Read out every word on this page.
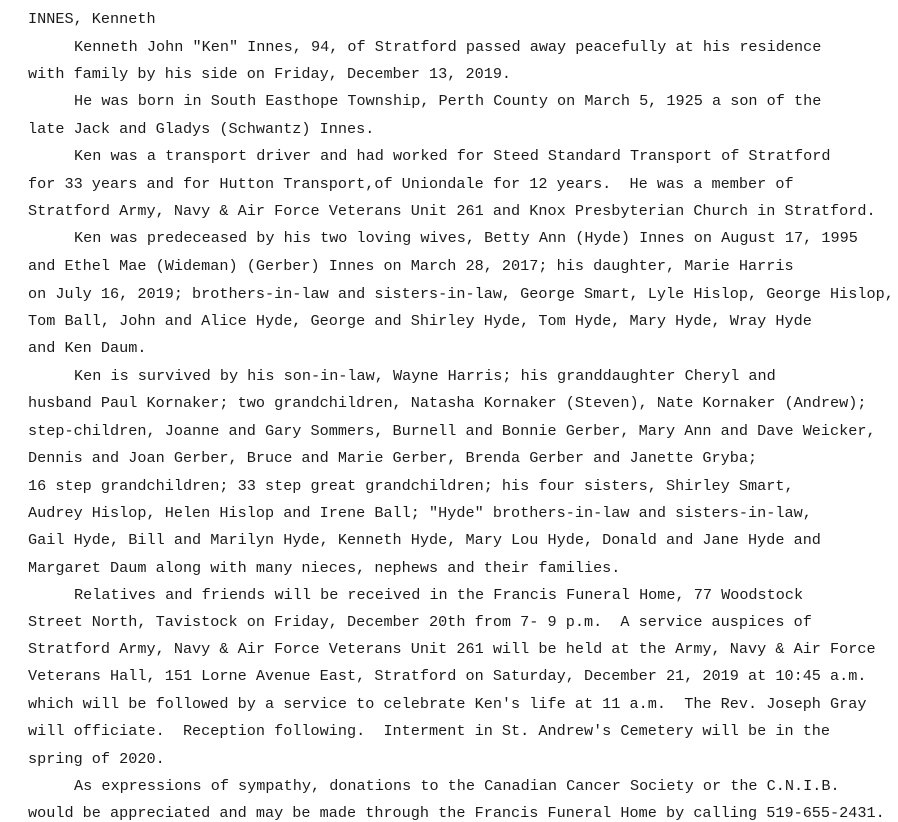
INNES, Kenneth
Kenneth John "Ken" Innes, 94, of Stratford passed away peacefully at his residence
with family by his side on Friday, December 13, 2019.
He was born in South Easthope Township, Perth County on March 5, 1925 a son of the
late Jack and Gladys (Schwantz) Innes.
Ken was a transport driver and had worked for Steed Standard Transport of Stratford
for 33 years and for Hutton Transport,of Uniondale for 12 years.  He was a member of
Stratford Army, Navy & Air Force Veterans Unit 261 and Knox Presbyterian Church in Stratford.
Ken was predeceased by his two loving wives, Betty Ann (Hyde) Innes on August 17, 1995
and Ethel Mae (Wideman) (Gerber) Innes on March 28, 2017; his daughter, Marie Harris
on July 16, 2019; brothers-in-law and sisters-in-law, George Smart, Lyle Hislop, George Hislop,
Tom Ball, John and Alice Hyde, George and Shirley Hyde, Tom Hyde, Mary Hyde, Wray Hyde
and Ken Daum.
Ken is survived by his son-in-law, Wayne Harris; his granddaughter Cheryl and
husband Paul Kornaker; two grandchildren, Natasha Kornaker (Steven), Nate Kornaker (Andrew);
step-children, Joanne and Gary Sommers, Burnell and Bonnie Gerber, Mary Ann and Dave Weicker,
Dennis and Joan Gerber, Bruce and Marie Gerber, Brenda Gerber and Janette Gryba;
16 step grandchildren; 33 step great grandchildren; his four sisters, Shirley Smart,
Audrey Hislop, Helen Hislop and Irene Ball; "Hyde" brothers-in-law and sisters-in-law,
Gail Hyde, Bill and Marilyn Hyde, Kenneth Hyde, Mary Lou Hyde, Donald and Jane Hyde and
Margaret Daum along with many nieces, nephews and their families.
Relatives and friends will be received in the Francis Funeral Home, 77 Woodstock
Street North, Tavistock on Friday, December 20th from 7- 9 p.m.  A service auspices of
Stratford Army, Navy & Air Force Veterans Unit 261 will be held at the Army, Navy & Air Force
Veterans Hall, 151 Lorne Avenue East, Stratford on Saturday, December 21, 2019 at 10:45 a.m.
which will be followed by a service to celebrate Ken's life at 11 a.m.  The Rev. Joseph Gray
will officiate.  Reception following.  Interment in St. Andrew's Cemetery will be in the
spring of 2020.
As expressions of sympathy, donations to the Canadian Cancer Society or the C.N.I.B.
would be appreciated and may be made through the Francis Funeral Home by calling 519-655-2431.
